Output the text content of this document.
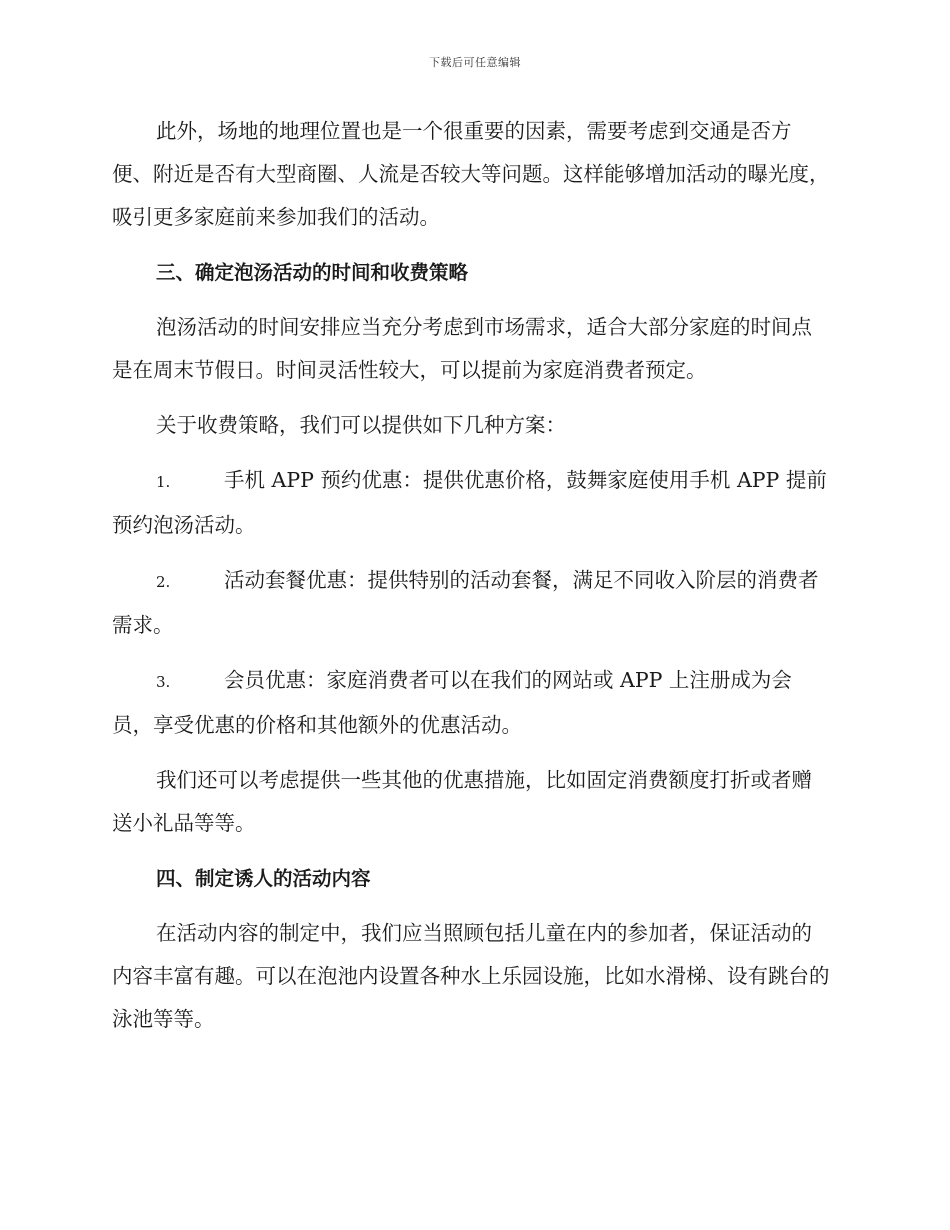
下载后可任意编辑

此外，场地的地理位置也是一个很重要的因素，需要考虑到交通是否方便、附近是否有大型商圈、人流是否较大等问题。这样能够增加活动的曝光度，吸引更多家庭前来参加我们的活动。

三、确定泡汤活动的时间和收费策略

泡汤活动的时间安排应当充分考虑到市场需求，适合大部分家庭的时间点是在周末节假日。时间灵活性较大，可以提前为家庭消费者预定。

关于收费策略，我们可以提供如下几种方案：

1.	手机 APP 预约优惠：提供优惠价格，鼓舞家庭使用手机 APP 提前预约泡汤活动。

2.	活动套餐优惠：提供特别的活动套餐，满足不同收入阶层的消费者需求。

3.	会员优惠：家庭消费者可以在我们的网站或 APP 上注册成为会员，享受优惠的价格和其他额外的优惠活动。

我们还可以考虑提供一些其他的优惠措施，比如固定消费额度打折或者赠送小礼品等等。

四、制定诱人的活动内容

在活动内容的制定中，我们应当照顾包括儿童在内的参加者，保证活动的内容丰富有趣。可以在泡池内设置各种水上乐园设施，比如水滑梯、设有跳台的泳池等等。
